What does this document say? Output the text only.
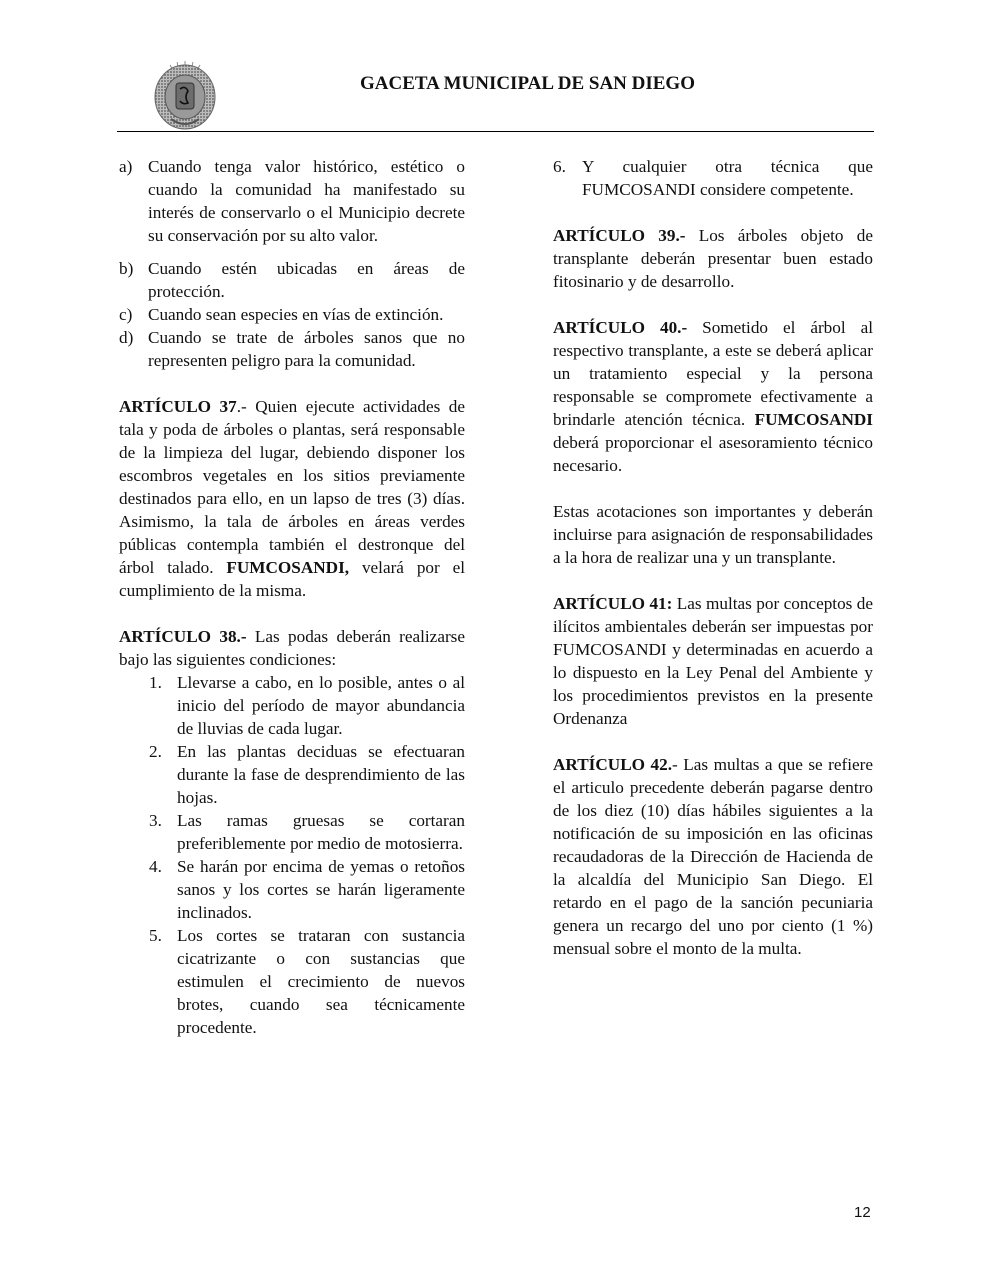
GACETA MUNICIPAL DE SAN DIEGO
a) Cuando tenga valor histórico, estético o cuando la comunidad ha manifestado su interés de conservarlo o el Municipio decrete su conservación por su alto valor.
b) Cuando estén ubicadas en áreas de protección.
c) Cuando sean especies en vías de extinción.
d) Cuando se trate de árboles sanos que no representen peligro para la comunidad.

ARTÍCULO 37.- Quien ejecute actividades de tala y poda de árboles o plantas, será responsable de la limpieza del lugar, debiendo disponer los escombros vegetales en los sitios previamente destinados para ello, en un lapso de tres (3) días. Asimismo, la tala de árboles en áreas verdes públicas contempla también el destronque del árbol talado. FUMCOSANDI, velará por el cumplimiento de la misma.

ARTÍCULO 38.- Las podas deberán realizarse bajo las siguientes condiciones:

1. Llevarse a cabo, en lo posible, antes o al inicio del período de mayor abundancia de lluvias de cada lugar.
2. En las plantas deciduas se efectuaran durante la fase de desprendimiento de las hojas.
3. Las ramas gruesas se cortaran preferiblemente por medio de motosierra.
4. Se harán por encima de yemas o retoños sanos y los cortes se harán ligeramente inclinados.
5. Los cortes se trataran con sustancia cicatrizante o con sustancias que estimulen el crecimiento de nuevos brotes, cuando sea técnicamente procedente.
6. Y cualquier otra técnica que FUMCOSANDI considere competente.

ARTÍCULO 39.- Los árboles objeto de transplante deberán presentar buen estado fitosinario y de desarrollo.

ARTÍCULO 40.- Sometido el árbol al respectivo transplante, a este se deberá aplicar un tratamiento especial y la persona responsable se compromete efectivamente a brindarle atención técnica. FUMCOSANDI deberá proporcionar el asesoramiento técnico necesario.

Estas acotaciones son importantes y deberán incluirse para asignación de responsabilidades a la hora de realizar una y un transplante.

ARTÍCULO 41: Las multas por conceptos de ilícitos ambientales deberán ser impuestas por FUMCOSANDI y determinadas en acuerdo a lo dispuesto en la Ley Penal del Ambiente y los procedimientos previstos en la presente Ordenanza

ARTÍCULO 42.- Las multas a que se refiere el articulo precedente deberán pagarse dentro de los diez (10) días hábiles siguientes a la notificación de su imposición en las oficinas recaudadoras de la Dirección de Hacienda de la alcaldía del Municipio San Diego. El retardo en el pago de la sanción pecuniaria genera un recargo del uno por ciento (1 %) mensual sobre el monto de la multa.

12
